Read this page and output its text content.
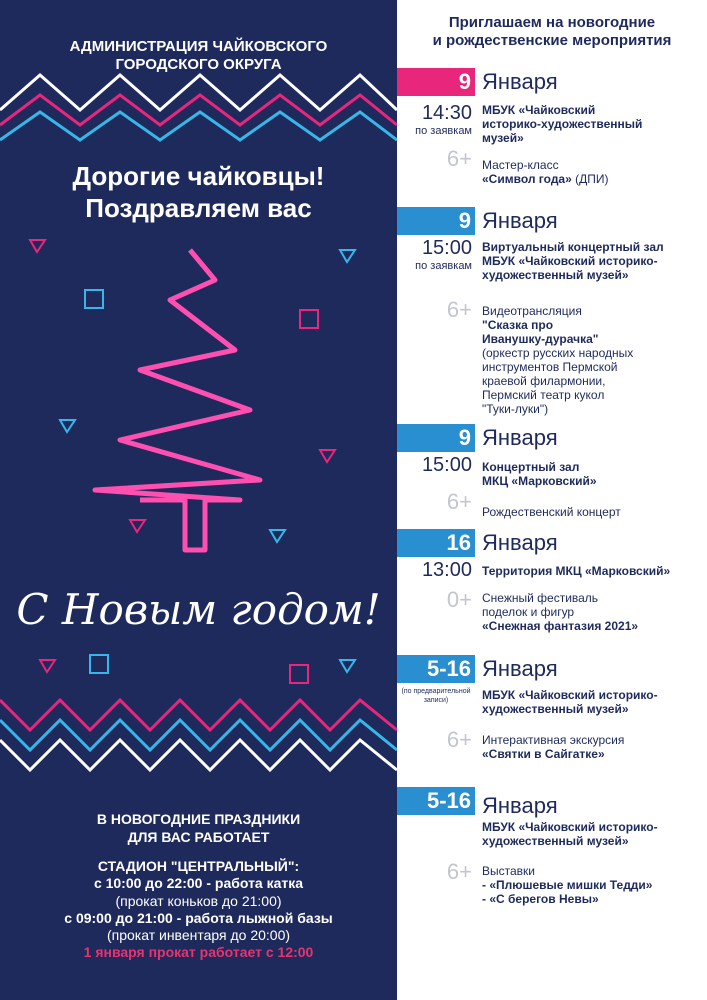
АДМИНИСТРАЦИЯ ЧАЙКОВСКОГО
ГОРОДСКОГО ОКРУГА
Дорогие чайковцы!
Поздравляем вас
С Новым годом!
В НОВОГОДНИЕ ПРАЗДНИКИ
ДЛЯ ВАС РАБОТАЕТ
СТАДИОН "ЦЕНТРАЛЬНЫЙ":
с 10:00 до 22:00 - работа катка
(прокат коньков до 21:00)
с 09:00 до 21:00 - работа лыжной базы
(прокат инвентаря до 20:00)
1 января прокат работает с 12:00
Приглашаем на новогодние
и рождественские мероприятия
9 Января
14:30
по заявкам
МБУК «Чайковский
историко-художественный
музей»
6+ Мастер-класс
«Символ года» (ДПИ)
9 Января
15:00
по заявкам
Виртуальный концертный зал
МБУК «Чайковский историко-
художественный музей»
6+ Видеотрансляция
"Сказка про
Иванушку-дурачка"
(оркестр русских народных
инструментов Пермской
краевой филармонии,
Пермский театр кукол
"Туки-луки")
9 Января
15:00 Концертный зал
МКЦ «Марковский»
6+ Рождественский концерт
16 Января
13:00 Территория МКЦ «Марковский»
0+ Снежный фестиваль
поделок и фигур
«Снежная фантазия 2021»
5-16 Января
(по предварительной
записи)	МБУК «Чайковский историко-
художественный музей»
6+ Интерактивная экскурсия
«Святки в Сайгатке»
5-16 Января
МБУК «Чайковский историко-
художественный музей»
6+ Выставки
- «Плюшевые мишки Тедди»
- «С берегов Невы»
